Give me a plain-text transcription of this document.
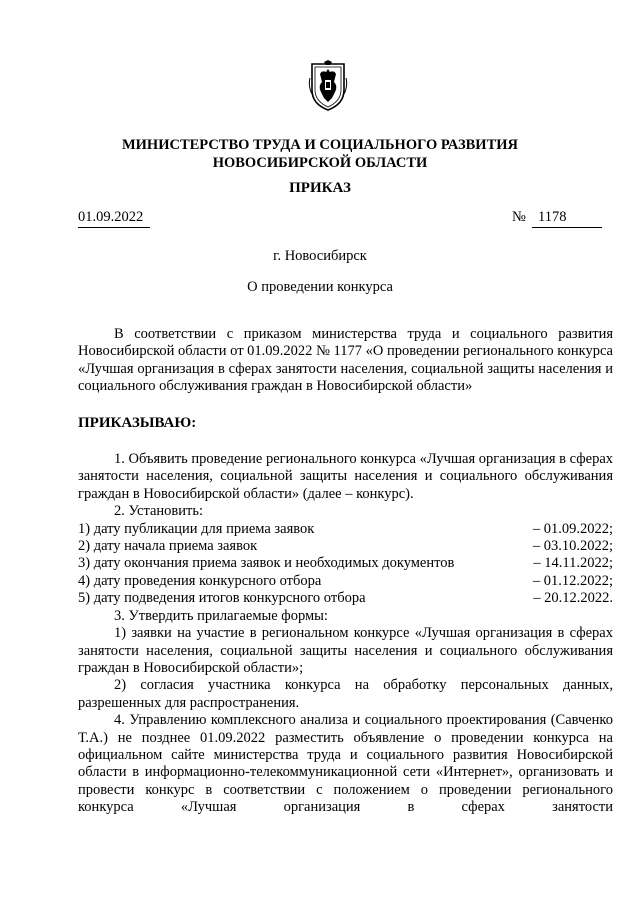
МИНИСТЕРСТВО ТРУДА И СОЦИАЛЬНОГО РАЗВИТИЯ
НОВОСИБИРСКОЙ ОБЛАСТИ
ПРИКАЗ
01.09.2022	№ 1178
г. Новосибирск
О проведении конкурса

В соответствии с приказом министерства труда и социального развития Новосибирской области от 01.09.2022 № 1177 «О проведении регионального конкурса «Лучшая организация в сферах занятости населения, социальной защиты населения и социального обслуживания граждан в Новосибирской области»

ПРИКАЗЫВАЮ:

1. Объявить проведение регионального конкурса «Лучшая организация в сферах занятости населения, социальной защиты населения и социального обслуживания граждан в Новосибирской области» (далее – конкурс).

2. Установить:

1) дату публикации для приема заявок	– 01.09.2022;
2) дату начала приема заявок	– 03.10.2022;
3) дату окончания приема заявок и необходимых документов	– 14.11.2022;
4) дату проведения конкурсного отбора	– 01.12.2022;
5) дату подведения итогов конкурсного отбора	– 20.12.2022.

3. Утвердить прилагаемые формы:

1) заявки на участие в региональном конкурсе «Лучшая организация в сферах занятости населения, социальной защиты населения и социального обслуживания граждан в Новосибирской области»;

2) согласия участника конкурса на обработку персональных данных, разрешенных для распространения.

4. Управлению комплексного анализа и социального проектирования (Савченко Т.А.) не позднее 01.09.2022 разместить объявление о проведении конкурса на официальном сайте министерства труда и социального развития Новосибирской области в информационно-телекоммуникационной сети «Интернет», организовать и провести конкурс в соответствии с положением о проведении регионального конкурса «Лучшая организация в сферах занятости
